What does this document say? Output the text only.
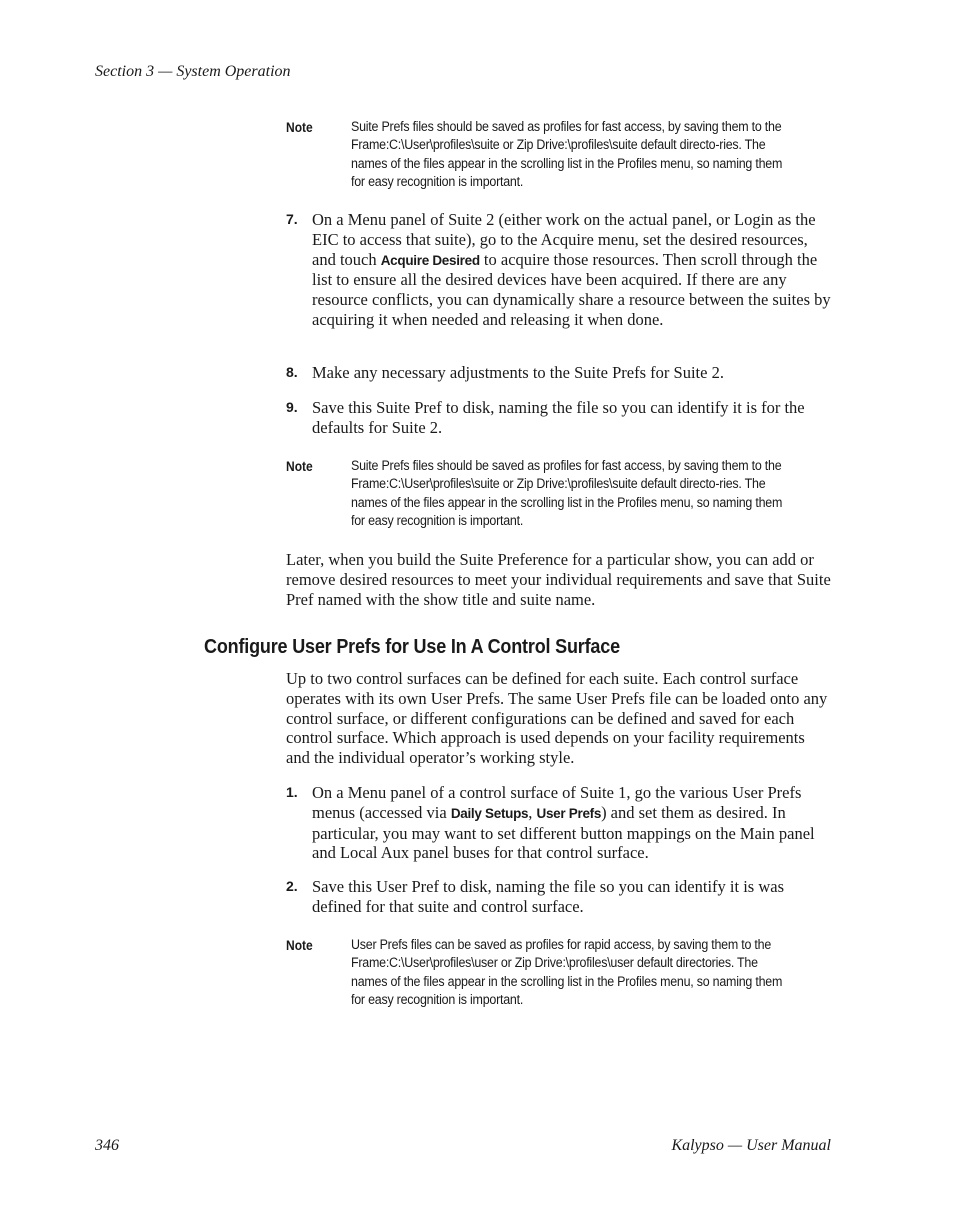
Section 3 — System Operation
Note	Suite Prefs files should be saved as profiles for fast access, by saving them to the Frame:C:\User\profiles\suite or Zip Drive:\profiles\suite default directo-ries. The names of the files appear in the scrolling list in the Profiles menu, so naming them for easy recognition is important.
7. On a Menu panel of Suite 2 (either work on the actual panel, or Login as the EIC to access that suite), go to the Acquire menu, set the desired resources, and touch Acquire Desired to acquire those resources. Then scroll through the list to ensure all the desired devices have been acquired. If there are any resource conflicts, you can dynamically share a resource between the suites by acquiring it when needed and releasing it when done.
8. Make any necessary adjustments to the Suite Prefs for Suite 2.
9. Save this Suite Pref to disk, naming the file so you can identify it is for the defaults for Suite 2.
Note	Suite Prefs files should be saved as profiles for fast access, by saving them to the Frame:C:\User\profiles\suite or Zip Drive:\profiles\suite default directo-ries. The names of the files appear in the scrolling list in the Profiles menu, so naming them for easy recognition is important.
Later, when you build the Suite Preference for a particular show, you can add or remove desired resources to meet your individual requirements and save that Suite Pref named with the show title and suite name.
Configure User Prefs for Use In A Control Surface
Up to two control surfaces can be defined for each suite. Each control surface operates with its own User Prefs. The same User Prefs file can be loaded onto any control surface, or different configurations can be defined and saved for each control surface. Which approach is used depends on your facility requirements and the individual operator’s working style.
1. On a Menu panel of a control surface of Suite 1, go the various User Prefs menus (accessed via Daily Setups, User Prefs) and set them as desired. In particular, you may want to set different button mappings on the Main panel and Local Aux panel buses for that control surface.
2. Save this User Pref to disk, naming the file so you can identify it is was defined for that suite and control surface.
Note	User Prefs files can be saved as profiles for rapid access, by saving them to the Frame:C:\User\profiles\user or Zip Drive:\profiles\user default directories. The names of the files appear in the scrolling list in the Profiles menu, so naming them for easy recognition is important.
346	Kalypso — User Manual
